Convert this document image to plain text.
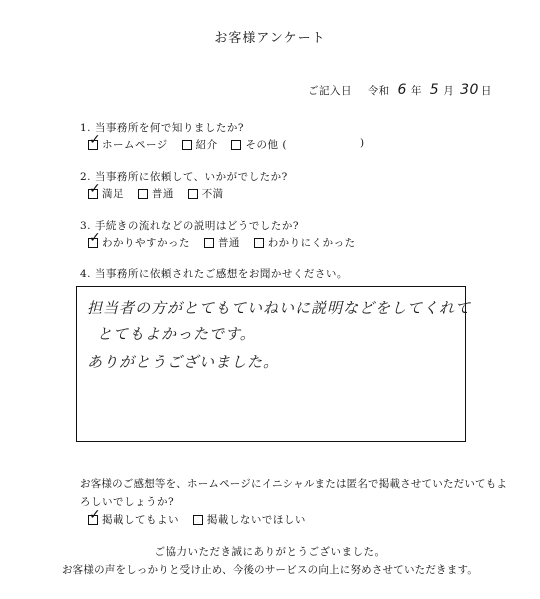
お客様アンケート
ご記入日 令和 6 年 5 月 30 日
1. 当事務所を何で知りましたか?
✓ ホームページ
	紹介
	その他 (	)
2. 当事務所に依頼して、いかがでしたか?
✓ 満足
	普通
	不満
3. 手続きの流れなどの説明はどうでしたか?
✓ わかりやすかった
	普通
	わかりにくかった
4. 当事務所に依頼されたご感想をお聞かせください。
担当者の方がとてもていねいに説明などをしてくれて
とてもよかったです。
ありがとうございました。
お客様のご感想等を、ホームページにイニシャルまたは匿名で掲載させていただいてもよ
ろしいでしょうか?
✓ 掲載してもよい
	掲載しないでほしい
ご協力いただき誠にありがとうございました。
お客様の声をしっかりと受け止め、今後のサービスの向上に努めさせていただきます。
